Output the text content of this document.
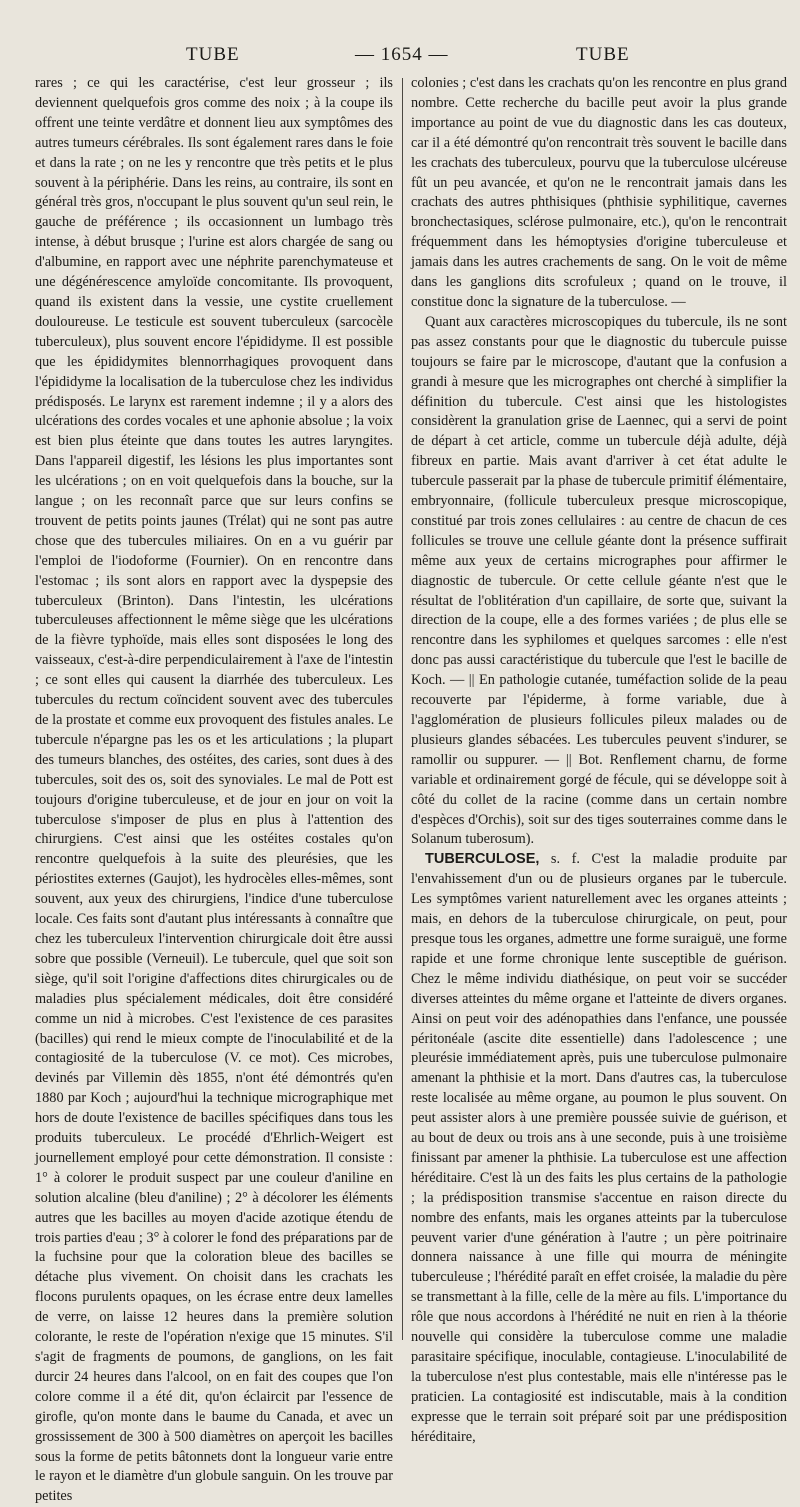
TUBE	— 1654 —	TUBE

rares ; ce qui les caractérise, c'est leur grosseur ; ils deviennent quelquefois gros comme des noix ; à la coupe ils offrent une teinte verdâtre et donnent lieu aux symptômes des autres tumeurs cérébrales. Ils sont également rares dans le foie et dans la rate ; on ne les y rencontre que très petits et le plus souvent à la périphérie. Dans les reins, au contraire, ils sont en général très gros, n'occupant le plus souvent qu'un seul rein, le gauche de préférence ; ils occasionnent un lumbago très intense, à début brusque ; l'urine est alors chargée de sang ou d'albumine, en rapport avec une néphrite parenchymateuse et une dégénérescence amyloïde concomitante. Ils provoquent, quand ils existent dans la vessie, une cystite cruellement douloureuse. Le testicule est souvent tuberculeux (sarcocèle tuberculeux), plus souvent encore l'épididyme. Il est possible que les épididymites blennorrhagiques provoquent dans l'épididyme la localisation de la tuberculose chez les individus prédisposés. Le larynx est rarement indemne ; il y a alors des ulcérations des cordes vocales et une aphonie absolue ; la voix est bien plus éteinte que dans toutes les autres laryngites. Dans l'appareil digestif, les lésions les plus importantes sont les ulcérations ; on en voit quelquefois dans la bouche, sur la langue ; on les reconnaît parce que sur leurs confins se trouvent de petits points jaunes (Trélat) qui ne sont pas autre chose que des tubercules miliaires. On en a vu guérir par l'emploi de l'iodoforme (Fournier). On en rencontre dans l'estomac ; ils sont alors en rapport avec la dyspepsie des tuberculeux (Brinton). Dans l'intestin, les ulcérations tuberculeuses affectionnent le même siège que les ulcérations de la fièvre typhoïde, mais elles sont disposées le long des vaisseaux, c'est-à-dire perpendiculairement à l'axe de l'intestin ; ce sont elles qui causent la diarrhée des tuberculeux. Les tubercules du rectum coïncident souvent avec des tubercules de la prostate et comme eux provoquent des fistules anales. Le tubercule n'épargne pas les os et les articulations ; la plupart des tumeurs blanches, des ostéites, des caries, sont dues à des tubercules, soit des os, soit des synoviales. Le mal de Pott est toujours d'origine tuberculeuse, et de jour en jour on voit la tuberculose s'imposer de plus en plus à l'attention des chirurgiens. C'est ainsi que les ostéites costales qu'on rencontre quelquefois à la suite des pleurésies, que les périostites externes (Gaujot), les hydrocèles elles-mêmes, sont souvent, aux yeux des chirurgiens, l'indice d'une tuberculose locale. Ces faits sont d'autant plus intéressants à connaître que chez les tuberculeux l'intervention chirurgicale doit être aussi sobre que possible (Verneuil). Le tubercule, quel que soit son siège, qu'il soit l'origine d'affections dites chirurgicales ou de maladies plus spécialement médicales, doit être considéré comme un nid à microbes. C'est l'existence de ces parasites (bacilles) qui rend le mieux compte de l'inoculabilité et de la contagiosité de la tuberculose (V. ce mot). Ces microbes, devinés par Villemin dès 1855, n'ont été démontrés qu'en 1880 par Koch ; aujourd'hui la technique micrographique met hors de doute l'existence de bacilles spécifiques dans tous les produits tuberculeux. Le procédé d'Ehrlich-Weigert est journellement employé pour cette démonstration. Il consiste : 1° à colorer le produit suspect par une couleur d'aniline en solution alcaline (bleu d'aniline) ; 2° à décolorer les éléments autres que les bacilles au moyen d'acide azotique étendu de trois parties d'eau ; 3° à colorer le fond des préparations par de la fuchsine pour que la coloration bleue des bacilles se détache plus vivement. On choisit dans les crachats les flocons purulents opaques, on les écrase entre deux lamelles de verre, on laisse 12 heures dans la première solution colorante, le reste de l'opération n'exige que 15 minutes. S'il s'agit de fragments de poumons, de ganglions, on les fait durcir 24 heures dans l'alcool, on en fait des coupes que l'on colore comme il a été dit, qu'on éclaircit par l'essence de girofle, qu'on monte dans le baume du Canada, et avec un grossissement de 300 à 500 diamètres on aperçoit les bacilles sous la forme de petits bâtonnets dont la longueur varie entre le rayon et le diamètre d'un globule sanguin. On les trouve par petites

colonies ; c'est dans les crachats qu'on les rencontre en plus grand nombre. Cette recherche du bacille peut avoir la plus grande importance au point de vue du diagnostic dans les cas douteux, car il a été démontré qu'on rencontrait très souvent le bacille dans les crachats des tuberculeux, pourvu que la tuberculose ulcéreuse fût un peu avancée, et qu'on ne le rencontrait jamais dans les crachats des autres phthisiques (phthisie syphilitique, cavernes bronchectasiques, sclérose pulmonaire, etc.), qu'on le rencontrait fréquemment dans les hémoptysies d'origine tuberculeuse et jamais dans les autres crachements de sang. On le voit de même dans les ganglions dits scrofuleux ; quand on le trouve, il constitue donc la signature de la tuberculose. —

Quant aux caractères microscopiques du tubercule, ils ne sont pas assez constants pour que le diagnostic du tubercule puisse toujours se faire par le microscope, d'autant que la confusion a grandi à mesure que les micrographes ont cherché à simplifier la définition du tubercule. C'est ainsi que les histologistes considèrent la granulation grise de Laennec, qui a servi de point de départ à cet article, comme un tubercule déjà adulte, déjà fibreux en partie. Mais avant d'arriver à cet état adulte le tubercule passerait par la phase de tubercule primitif élémentaire, embryonnaire, (follicule tuberculeux presque microscopique, constitué par trois zones cellulaires : au centre de chacun de ces follicules se trouve une cellule géante dont la présence suffirait même aux yeux de certains micrographes pour affirmer le diagnostic de tubercule. Or cette cellule géante n'est que le résultat de l'oblitération d'un capillaire, de sorte que, suivant la direction de la coupe, elle a des formes variées ; de plus elle se rencontre dans les syphilomes et quelques sarcomes : elle n'est donc pas aussi caractéristique du tubercule que l'est le bacille de Koch. — || En pathologie cutanée, tuméfaction solide de la peau recouverte par l'épiderme, à forme variable, due à l'agglomération de plusieurs follicules pileux malades ou de plusieurs glandes sébacées. Les tubercules peuvent s'indurer, se ramollir ou suppurer. — || Bot. Renflement charnu, de forme variable et ordinairement gorgé de fécule, qui se développe soit à côté du collet de la racine (comme dans un certain nombre d'espèces d'Orchis), soit sur des tiges souterraines comme dans le Solanum tuberosum).

TUBERCULOSE, s. f. C'est la maladie produite par l'envahissement d'un ou de plusieurs organes par le tubercule. Les symptômes varient naturellement avec les organes atteints ; mais, en dehors de la tuberculose chirurgicale, on peut, pour presque tous les organes, admettre une forme suraiguë, une forme rapide et une forme chronique lente susceptible de guérison. Chez le même individu diathésique, on peut voir se succéder diverses atteintes du même organe et l'atteinte de divers organes. Ainsi on peut voir des adénopathies dans l'enfance, une poussée péritonéale (ascite dite essentielle) dans l'adolescence ; une pleurésie immédiatement après, puis une tuberculose pulmonaire amenant la phthisie et la mort. Dans d'autres cas, la tuberculose reste localisée au même organe, au poumon le plus souvent. On peut assister alors à une première poussée suivie de guérison, et au bout de deux ou trois ans à une seconde, puis à une troisième finissant par amener la phthisie. La tuberculose est une affection héréditaire. C'est là un des faits les plus certains de la pathologie ; la prédisposition transmise s'accentue en raison directe du nombre des enfants, mais les organes atteints par la tuberculose peuvent varier d'une génération à l'autre ; un père poitrinaire donnera naissance à une fille qui mourra de méningite tuberculeuse ; l'hérédité paraît en effet croisée, la maladie du père se transmettant à la fille, celle de la mère au fils. L'importance du rôle que nous accordons à l'hérédité ne nuit en rien à la théorie nouvelle qui considère la tuberculose comme une maladie parasitaire spécifique, inoculable, contagieuse. L'inoculabilité de la tuberculose n'est plus contestable, mais elle n'intéresse pas le praticien. La contagiosité est indiscutable, mais à la condition expresse que le terrain soit préparé soit par une prédisposition héréditaire,
